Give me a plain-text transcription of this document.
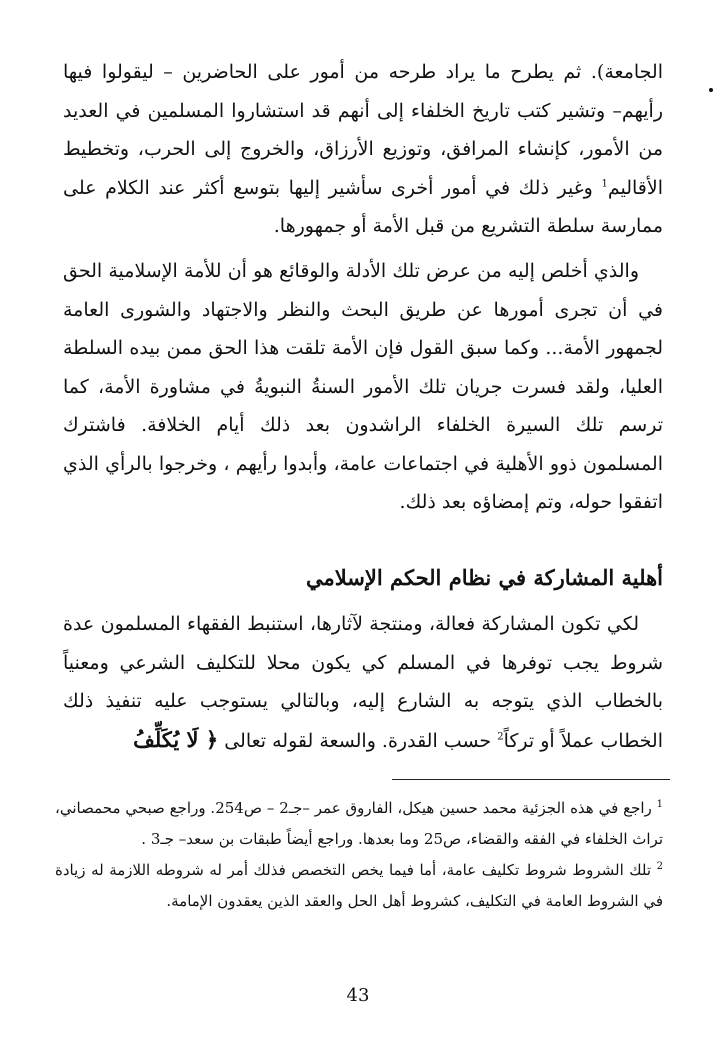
الجامعة). ثم يطرح ما يراد طرحه من أمور على الحاضرين – ليقولوا فيها رأيهم– وتشير كتب تاريخ الخلفاء إلى أنهم قد استشاروا المسلمين في العديد من الأمور، كإنشاء المرافق، وتوزيع الأرزاق، والخروج إلى الحرب، وتخطيط الأقاليم$^1$ وغير ذلك في أمور أخرى سأشير إليها بتوسع أكثر عند الكلام على ممارسة سلطة التشريع من قبل الأمة أو جمهورها.

والذي أخلص إليه من عرض تلك الأدلة والوقائع هو أن للأمة الإسلامية الحق في أن تجرى أمورها عن طريق البحث والنظر والاجتهاد والشورى العامة لجمهور الأمة... وكما سبق القول فإن الأمة تلقت هذا الحق ممن بيده السلطة العليا، ولقد فسرت جريان تلك الأمور السنةُ النبويةُ في مشاورة الأمة، كما ترسم تلك السيرة الخلفاء الراشدون بعد ذلك أيام الخلافة. فاشترك المسلمون ذوو الأهلية في اجتماعات عامة، وأبدوا رأيهم ، وخرجوا بالرأي الذي اتفقوا حوله، وتم إمضاؤه بعد ذلك.

أهلية المشاركة في نظام الحكم الإسلامي

لكي تكون المشاركة فعالة، ومنتجة لآثارها، استنبط الفقهاء المسلمون عدة شروط يجب توفرها في المسلم كي يكون محلا للتكليف الشرعي ومعنياً بالخطاب الذي يتوجه به الشارع إليه، وبالتالي يستوجب عليه تنفيذ ذلك الخطاب عملاً أو تركاً$^2$ حسب القدرة. والسعة لقوله تعالى ﴿ لَا يُكَلِّفُ

$^1$ راجع في هذه الجزئية محمد حسين هيكل، الفاروق عمر –جـ2 – ص254. وراجع صبحي محمصاني، تراث الخلفاء في الفقه والقضاء، ص25 وما بعدها. وراجع أيضاً طبقات بن سعد– جـ3 .

$^2$ تلك الشروط شروط تكليف عامة، أما فيما يخص التخصص فذلك أمر له شروطه اللازمة له زيادة في الشروط العامة في التكليف، كشروط أهل الحل والعقد الذين يعقدون الإمامة.

43
